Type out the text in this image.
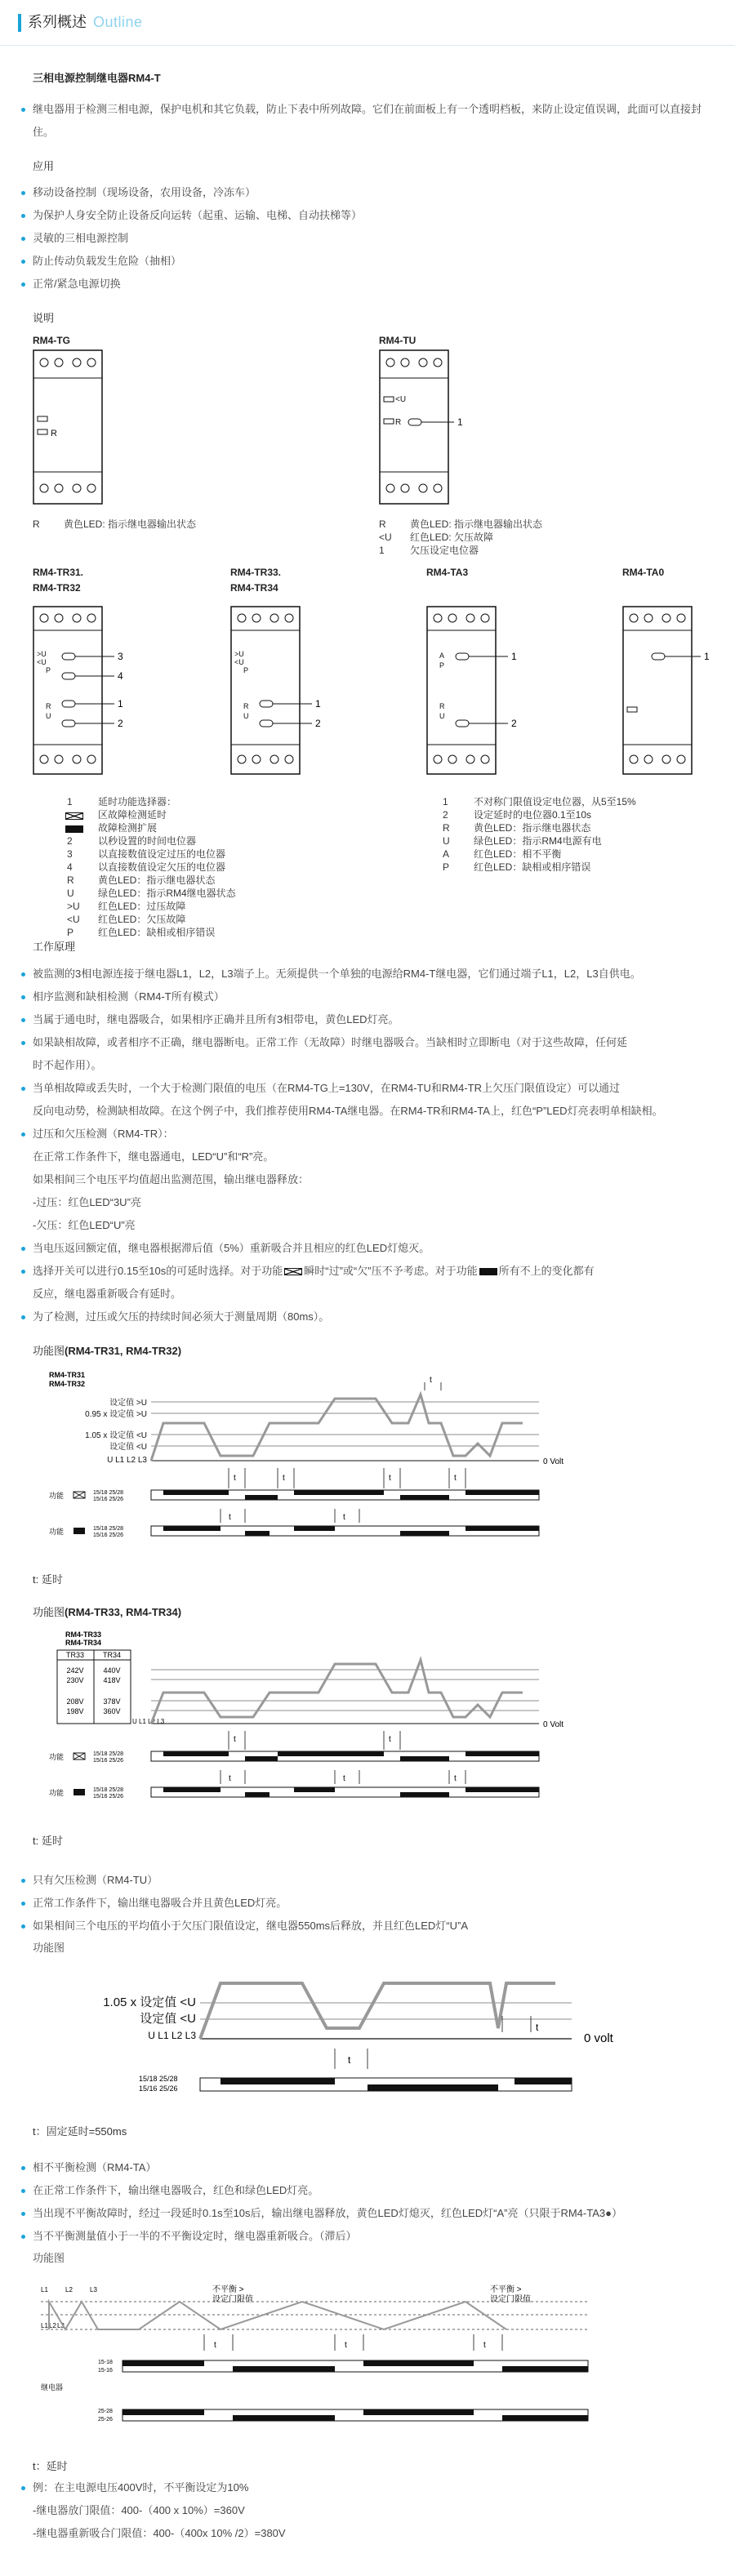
系列概述 Outline
三相电源控制继电器RM4-T
继电器用于检测三相电源，保护电机和其它负载，防止下表中所列故障。它们在前面板上有一个透明档板，来防止设定值误调，此面可以直接封住。
应用
移动设备控制（现场设备，农用设备，冷冻车）
为保护人身安全防止设备反向运转（起重、运输、电梯、自动扶梯等）
灵敏的三相电源控制
防止传动负载发生危险（抽相）
正常/紧急电源切换
说明
RM4-TG
R
R	黄色LED: 指示继电器输出状态
RM4-TU
<U
R	1
R	黄色LED: 指示继电器输出状态
<U	红色LED: 欠压故障
1	欠压设定电位器
RM4-TR31.
RM4-TR32
RM4-TR33.
RM4-TR34
RM4-TA3	RM4-TA0
>U
<U
P
R
U
3
4
1
2
>U
<U
P
R
U
1
2
A
P
R
U
1
2
1
1	延时功能选择器：
区故障检测延时
故障检测扩展
2	以秒设置的时间电位器
3	以直接数值设定过压的电位器
4	以直接数值设定欠压的电位器
R	黄色LED：指示继电器状态
U	绿色LED：指示RM4继电器状态
>U	红色LED：过压故障
<U	红色LED：欠压故障
P	红色LED：缺相或相序错误
1	不对称门限值设定电位器，从5至15%
2	设定延时的电位器0.1至10s
R	黄色LED：指示继电器状态
U	绿色LED：指示RM4电源有电
A	红色LED：相不平衡
P	红色LED：缺相或相序错误
工作原理
被监测的3相电源连接于继电器L1，L2，L3端子上。无须提供一个单独的电源给RM4-T继电器，它们通过端子L1，L2，L3自供电。
相序监测和缺相检测（RM4-T所有模式）
当属于通电时，继电器吸合，如果相序正确并且所有3相带电，黄色LED灯亮。
如果缺相故障，或者相序不正确，继电器断电。正常工作（无故障）时继电器吸合。当缺相时立即断电（对于这些故障，任何延
时不起作用）。
当单相故障或丢失时，一个大于检测门限值的电压（在RM4-TG上=130V，在RM4-TU和RM4-TR上欠压门限值设定）可以通过
反向电动势，检测缺相故障。在这个例子中，我们推荐使用RM4-TA继电器。在RM4-TR和RM4-TA上，红色“P”LED灯亮表明单相缺相。
过压和欠压检测（RM4-TR）：
在正常工作条件下，继电器通电，LED“U”和“R”亮。
如果相间三个电压平均值超出监测范围，输出继电器释放：
-过压：红色LED“3U”亮
-欠压：红色LED“U”亮
当电压返回额定值，继电器根据滞后值（5%）重新吸合并且相应的红色LED灯熄灭。
选择开关可以进行0.15至10s的可延时选择。对于功能 瞬时“过”或“欠”压不予考虑。对于功能 所有不上的变化都有
反应，继电器重新吸合有延时。
为了检测，过压或欠压的持续时间必须大于测量周期（80ms）。
功能图(RM4-TR31, RM4-TR32)
RM4-TR31
RM4-TR32
设定值 >U
0.95 x 设定值 >U
1.05 x 设定值 <U
设定值 <U
U L1 L2 L3	0 Volt
t	t	t	t
t
功能	15/18 25/28
15/16 25/26
功能	15/18 25/28
15/16 25/26
t	t
t: 延时
功能图(RM4-TR33, RM4-TR34)
RM4-TR33
RM4-TR34
TR33	TR34
242V	440V
230V	418V
208V	378V
198V	360V
U L1 L2 L3	0 Volt
t	t
功能	15/18 25/28
15/16 25/26
功能	15/18 25/28
15/16 25/26
t	t	t
t: 延时
只有欠压检测（RM4-TU）
正常工作条件下，输出继电器吸合并且黄色LED灯亮。
如果相间三个电压的平均值小于欠压门限值设定，继电器550ms后释放，并且红色LED灯“U”A
功能图
1.05 x 设定值 <U
设定值 <U
U L1 L2 L3	0 volt
t
t
15/18 25/28
15/16 25/26
t：固定延时=550ms
相不平衡检测（RM4-TA）
在正常工作条件下，输出继电器吸合，红色和绿色LED灯亮。
当出现不平衡故障时，经过一段延时0.1s至10s后，输出继电器释放，黄色LED灯熄灭，红色LED灯“A”亮（只限于RM4-TA3●）
当不平衡测量值小于一半的不平衡设定时，继电器重新吸合。（滞后）
功能图
不平衡 >
设定门限值
不平衡 >
设定门限值
L1	L2	L3
L1 L2 L3
t	t	t
15-18
15-16
继电器
25-28
25-26
t：延时
例：在主电源电压400V时，不平衡设定为10%
-继电器放门限值：400-（400 x 10%）=360V
-继电器重新吸合门限值：400-（400x 10% /2）=380V
